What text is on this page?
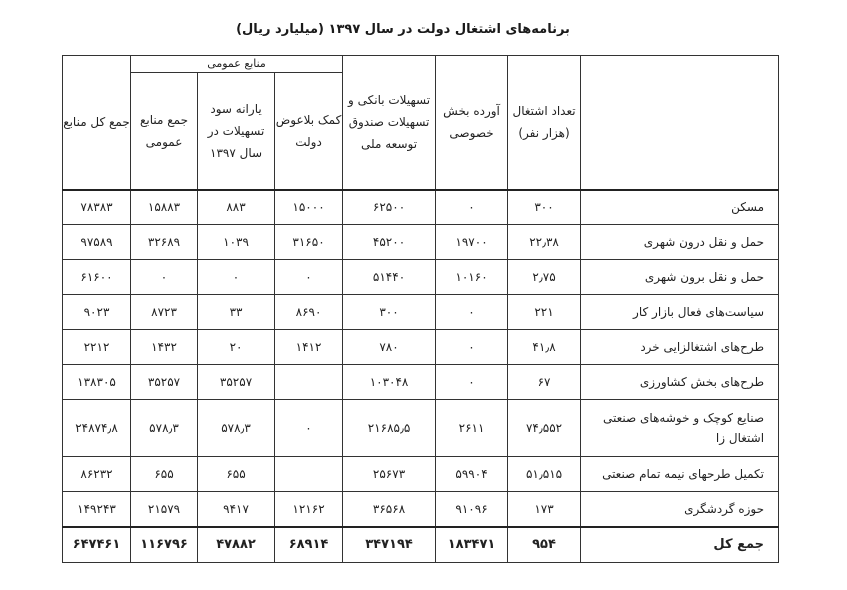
برنامه‌های اشتغال دولت در سال ۱۳۹۷ (میلیارد ریال)
	تعداد اشتغال (هزار نفر)	آورده بخش خصوصی	تسهیلات بانکی و تسهیلات صندوق توسعه ملی	منابع عمومی			جمع کل منابع
				کمک بلاعوض دولت	یارانه سود تسهیلات در سال ۱۳۹۷	جمع منابع عمومی	
مسکن	۳۰۰	۰	۶۲۵۰۰	۱۵۰۰۰	۸۸۳	۱۵۸۸۳	۷۸۳۸۳
حمل و نقل درون شهری	۲۲٫۳۸	۱۹۷۰۰	۴۵۲۰۰	۳۱۶۵۰	۱۰۳۹	۳۲۶۸۹	۹۷۵۸۹
حمل و نقل برون شهری	۲٫۷۵	۱۰۱۶۰	۵۱۴۴۰	۰	۰	۰	۶۱۶۰۰
سیاست‌های فعال بازار کار	۲۲۱	۰	۳۰۰	۸۶۹۰	۳۳	۸۷۲۳	۹۰۲۳
طرح‌های اشتغالزایی خرد	۴۱٫۸	۰	۷۸۰	۱۴۱۲	۲۰	۱۴۳۲	۲۲۱۲
طرح‌های بخش کشاورزی	۶۷	۰	۱۰۳۰۴۸		۳۵۲۵۷	۳۵۲۵۷	۱۳۸۳۰۵
صنایع کوچک و خوشه‌های صنعتی اشتغال زا	۷۴٫۵۵۲	۲۶۱۱	۲۱۶۸۵٫۵	۰	۵۷۸٫۳	۵۷۸٫۳	۲۴۸۷۴٫۸
تکمیل طرحهای نیمه تمام صنعتی	۵۱٫۵۱۵	۵۹۹۰۴	۲۵۶۷۳		۶۵۵	۶۵۵	۸۶۲۳۲
حوزه گردشگری	۱۷۳	۹۱۰۹۶	۳۶۵۶۸	۱۲۱۶۲	۹۴۱۷	۲۱۵۷۹	۱۴۹۲۴۳
جمع کل	۹۵۴	۱۸۳۴۷۱	۳۴۷۱۹۴	۶۸۹۱۴	۴۷۸۸۲	۱۱۶۷۹۶	۶۴۷۴۶۱
